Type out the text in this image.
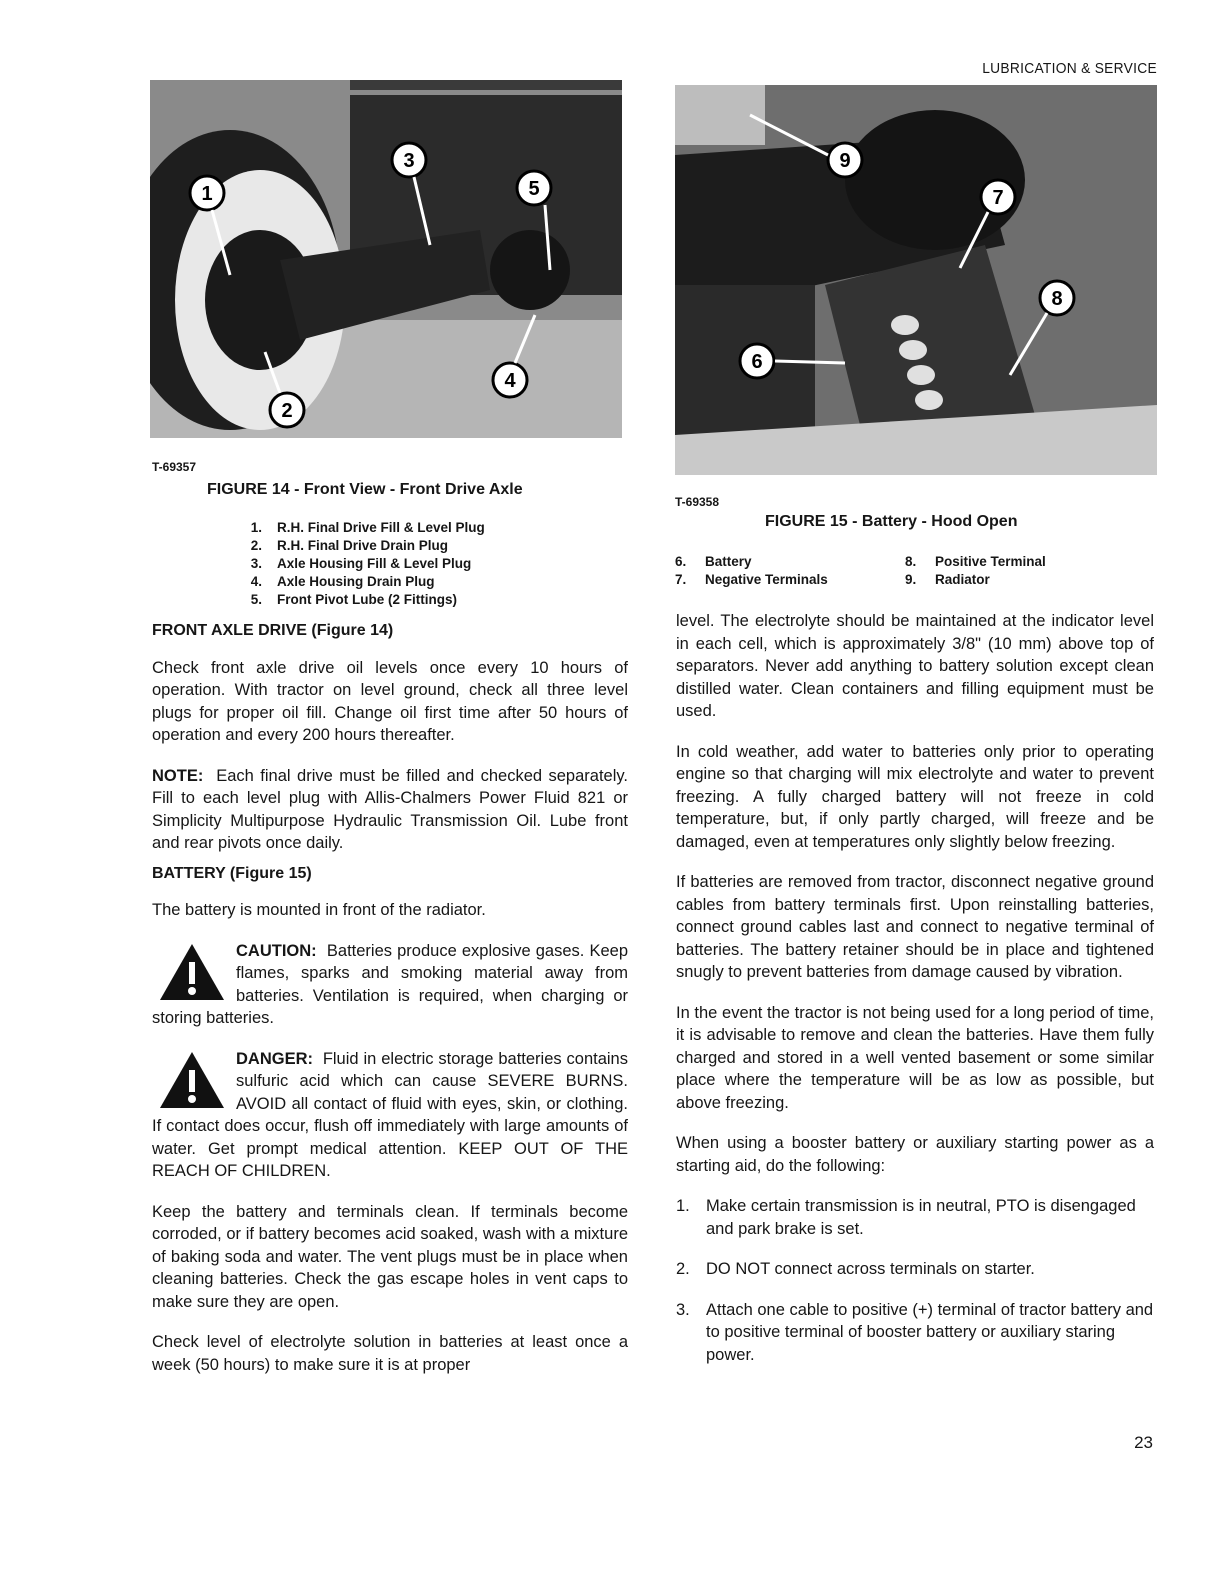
LUBRICATION & SERVICE
1
2
3
4
5
6
7
8
9
T-69357
FIGURE 14 - Front View - Front Drive Axle
1.	R.H. Final Drive Fill & Level Plug
2.	R.H. Final Drive Drain Plug
3.	Axle Housing Fill & Level Plug
4.	Axle Housing Drain Plug
5.	Front Pivot Lube (2 Fittings)
T-69358
FIGURE 15 - Battery - Hood Open
6. Battery	8. Positive Terminal
7. Negative Terminals	9. Radiator
FRONT AXLE DRIVE (Figure 14)

Check front axle drive oil levels once every 10 hours of operation. With tractor on level ground, check all three level plugs for proper oil fill. Change oil first time after 50 hours of operation and every 200 hours thereafter.

NOTE: Each final drive must be filled and checked separately. Fill to each level plug with Allis-Chalmers Power Fluid 821 or Simplicity Multipurpose Hydraulic Transmission Oil. Lube front and rear pivots once daily.

BATTERY (Figure 15)

The battery is mounted in front of the radiator.

CAUTION: Batteries produce explosive gases. Keep flames, sparks and smoking material away from batteries. Ventilation is required, when charging or storing batteries.
DANGER: Fluid in electric storage batteries contains sulfuric acid which can cause SEVERE BURNS. AVOID all contact of fluid with eyes, skin, or clothing. If contact does occur, flush off immediately with large amounts of water. Get prompt medical attention. KEEP OUT OF THE REACH OF CHILDREN.

Keep the battery and terminals clean. If terminals become corroded, or if battery becomes acid soaked, wash with a mixture of baking soda and water. The vent plugs must be in place when cleaning batteries. Check the gas escape holes in vent caps to make sure they are open.

Check level of electrolyte solution in batteries at least once a week (50 hours) to make sure it is at proper

level. The electrolyte should be maintained at the indicator level in each cell, which is approximately 3/8" (10 mm) above top of separators. Never add anything to battery solution except clean distilled water. Clean containers and filling equipment must be used.

In cold weather, add water to batteries only prior to operating engine so that charging will mix electrolyte and water to prevent freezing. A fully charged battery will not freeze in cold temperature, but, if only partly charged, will freeze and be damaged, even at temperatures only slightly below freezing.

If batteries are removed from tractor, disconnect negative ground cables from battery terminals first. Upon reinstalling batteries, connect ground cables last and connect to negative terminal of batteries. The battery retainer should be in place and tightened snugly to prevent batteries from damage caused by vibration.

In the event the tractor is not being used for a long period of time, it is advisable to remove and clean the batteries. Have them fully charged and stored in a well vented basement or some similar place where the temperature will be as low as possible, but above freezing.

When using a booster battery or auxiliary starting power as a starting aid, do the following:

1. Make certain transmission is in neutral, PTO is disengaged and park brake is set.
2. DO NOT connect across terminals on starter.
3. Attach one cable to positive (+) terminal of tractor battery and to positive terminal of booster battery or auxiliary staring power.
23
